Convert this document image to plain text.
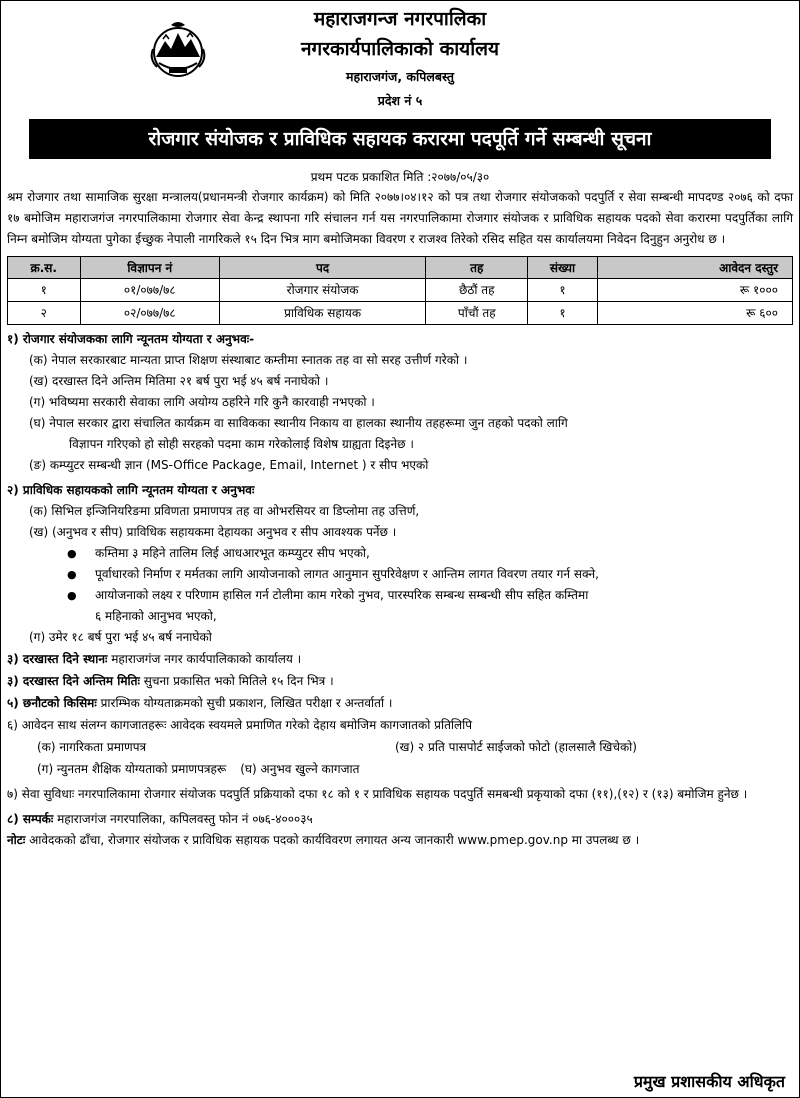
महाराजगन्ज नगरपालिका
नगरकार्यपालिकाको कार्यालय
महाराजगंज, कपिलबस्तु
प्रदेश नं ५
रोजगार संयोजक र प्राविधिक सहायक करारमा पदपूर्ति गर्ने सम्बन्धी सूचना
प्रथम पटक प्रकाशित मिति :२०७७/०५/३०

श्रम रोजगार तथा सामाजिक सुरक्षा मन्त्रालय(प्रधानमन्त्री रोजगार कार्यक्रम) को मिति २०७७।०४।१२ को पत्र तथा रोजगार संयोजकको पदपुर्ति र सेवा सम्बन्धी मापदण्ड २०७६ को दफा १७ बमोजिम महाराजगंज नगरपालिकामा रोजगार सेवा केन्द्र स्थापना गरि संचालन गर्न यस नगरपालिकामा रोजगार संयोजक र प्राविधिक सहायक पदको सेवा करारमा पदपुर्तिका लागि निम्न बमोजिम योग्यता पुगेका ईच्छुक नेपाली नागरिकले १५ दिन भित्र माग बमोजिमका विवरण र राजश्व तिरेको रसिद सहित यस कार्यालयमा निवेदन दिनुहुन अनुरोध छ ।

क्र.स.	विज्ञापन नं	पद	तह	संख्या	आवेदन दस्तुर
१	०१/०७७/७८	रोजगार संयोजक	छैठौं तह	१	रू १०००
२	०२/०७७/७८	प्राविधिक सहायक	पाँचौं तह	१	रू ६००
१) रोजगार संयोजकका लागि न्यूनतम योग्यता र अनुभवः-
(क) नेपाल सरकारबाट मान्यता प्राप्त शिक्षण संस्थाबाट कम्तीमा स्नातक तह वा सो सरह उत्तीर्ण गरेको ।
(ख) दरखास्त दिने अन्तिम मितिमा २१ बर्ष पुरा भई ४५ बर्ष ननाघेको ।
(ग) भविष्यमा सरकारी सेवाका लागि अयोग्य ठहरिने गरि कुनै कारवाही नभएको ।
(घ) नेपाल सरकार द्वारा संचालित कार्यक्रम वा साविकका स्थानीय निकाय वा हालका स्थानीय तहहरूमा जुन तहको पदको लागि
विज्ञापन गरिएको हो सोही सरहको पदमा काम गरेकोलाई विशेष ग्राह्यता दिइनेछ ।
(ङ) कम्प्युटर सम्बन्धी ज्ञान (MS-Office Package, Email, Internet ) र सीप भएको
२) प्राविधिक सहायकको लागि न्यूनतम योग्यता र अनुभवः
(क) सिभिल इन्जिनियरिङमा प्रविणता प्रमाणपत्र तह वा ओभरसियर वा डिप्लोमा तह उत्तिर्ण,
(ख) (अनुभव र सीप) प्राविधिक सहायकमा देहायका अनुभव र सीप आवश्यक पर्नेछ ।
● कम्तिमा ३ महिने तालिम लिई आधआरभूत कम्प्युटर सीप भएको,
● पूर्वाधारको निर्माण र मर्मतका लागि आयोजनाको लागत आनुमान सुपरिवेक्षण र आन्तिम लागत विवरण तयार गर्न सक्ने,
● आयोजनाको लक्ष्य र परिणाम हासिल गर्न टोलीमा काम गरेको नुभव, पारस्परिक सम्बन्ध सम्बन्धी सीप सहित कम्तिमा
६ महिनाको आनुभव भएको,
(ग) उमेर १८ बर्ष पुरा भई ४५ बर्ष ननाघेको
३) दरखास्त दिने स्थानः महाराजगंज नगर कार्यपालिकाको कार्यालय ।
३) दरखास्त दिने अन्तिम मितिः सुचना प्रकासित भको मितिले १५ दिन भित्र ।
५) छनौटको किसिमः प्रारम्भिक योग्यताक्रमको सुची प्रकाशन, लिखित परीक्षा र अन्तर्वार्ता ।
६) आवेदन साथ संलग्न कागजातहरूः आवेदक स्वयमले प्रमाणित गरेको देहाय बमोजिम कागजातको प्रतिलिपि
(क) नागरिकता प्रमाणपत्र	(ख) २ प्रति पासपोर्ट साईजको फोटो (हालसालै खिचेको)
(ग) न्युनतम शैक्षिक योग्यताको प्रमाणपत्रहरू (घ) अनुभव खुल्ने कागजात
७) सेवा सुविधाः नगरपालिकामा रोजगार संयोजक पदपुर्ति प्रक्रियाको दफा १८ को १ र प्राविधिक सहायक पदपुर्ति समबन्धी प्रकृयाको दफा (११),(१२) र (१३) बमोजिम हुनेछ ।
८) सम्पर्कः महाराजगंज नगरपालिका, कपिलवस्तु फोन नं ०७६-४०००३५
नोटः आवेदकको ढाँचा, रोजगार संयोजक र प्राविधिक सहायक पदको कार्यविवरण लगायत अन्य जानकारी www.pmep.gov.np मा उपलब्ध छ ।
प्रमुख प्रशासकीय अधिकृत
